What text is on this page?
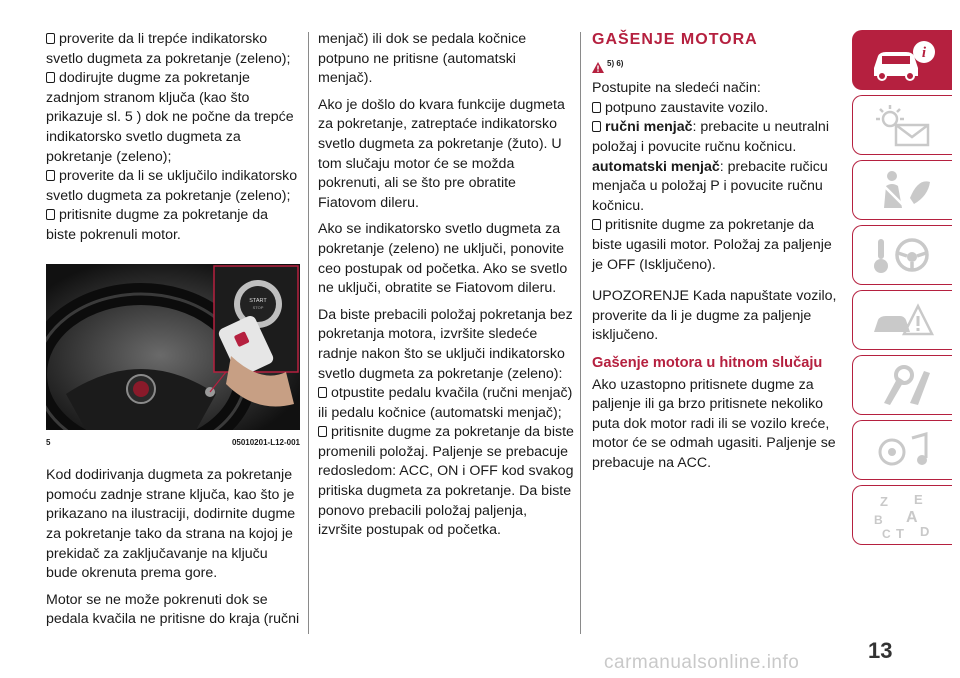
proverite da li trepće indikatorsko svetlo dugmeta za pokretanje (zeleno);

dodirujte dugme za pokretanje zadnjom stranom ključa (kao što prikazuje sl. 5 ) dok ne počne da trepće indikatorsko svetlo dugmeta za pokretanje (zeleno);

proverite da li se uključilo indikatorsko svetlo dugmeta za pokretanje (zeleno);

pritisnite dugme za pokretanje da biste pokrenuli motor.

START
STOP
5	05010201-L12-001

Kod dodirivanja dugmeta za pokretanje pomoću zadnje strane ključa, kao što je prikazano na ilustraciji, dodirnite dugme za pokretanje tako da strana na kojoj je prekidač za zaključavanje na ključu bude okrenuta prema gore.

Motor se ne može pokrenuti dok se pedala kvačila ne pritisne do kraja (ručni

menjač) ili dok se pedala kočnice potpuno ne pritisne (automatski menjač).

Ako je došlo do kvara funkcije dugmeta za pokretanje, zatreptaće indikatorsko svetlo dugmeta za pokretanje (žuto). U tom slučaju motor će se možda pokrenuti, ali se što pre obratite Fiatovom dileru.

Ako se indikatorsko svetlo dugmeta za pokretanje (zeleno) ne uključi, ponovite ceo postupak od početka. Ako se svetlo ne uključi, obratite se Fiatovom dileru.

Da biste prebacili položaj pokretanja bez pokretanja motora, izvršite sledeće radnje nakon što se uključi indikatorsko svetlo dugmeta za pokretanje (zeleno):

otpustite pedalu kvačila (ručni menjač) ili pedalu kočnice (automatski menjač);

pritisnite dugme za pokretanje da biste promenili položaj. Paljenje se prebacuje redosledom: ACC, ON i OFF kod svakog pritiska dugmeta za pokretanje. Da biste ponovo prebacili položaj paljenja, izvršite postupak od početka.

GAŠENJE MOTORA
5) 6)

Postupite na sledeći način:

potpuno zaustavite vozilo.

ručni menjač: prebacite u neutralni položaj i povucite ručnu kočnicu.

automatski menjač: prebacite ručicu menjača u položaj P i povucite ručnu kočnicu.

pritisnite dugme za pokretanje da biste ugasili motor. Položaj za paljenje je OFF (Isključeno).

UPOZORENJE Kada napuštate vozilo, proverite da li je dugme za paljenje isključeno.

Gašenje motora u hitnom slučaju

Ako uzastopno pritisnete dugme za paljenje ili ga brzo pritisnete nekoliko puta dok motor radi ili se vozilo kreće, motor će se odmah ugasiti. Paljenje se prebacuje na ACC.

i
Z E
B A
C T D
13
carmanualsonline.info
